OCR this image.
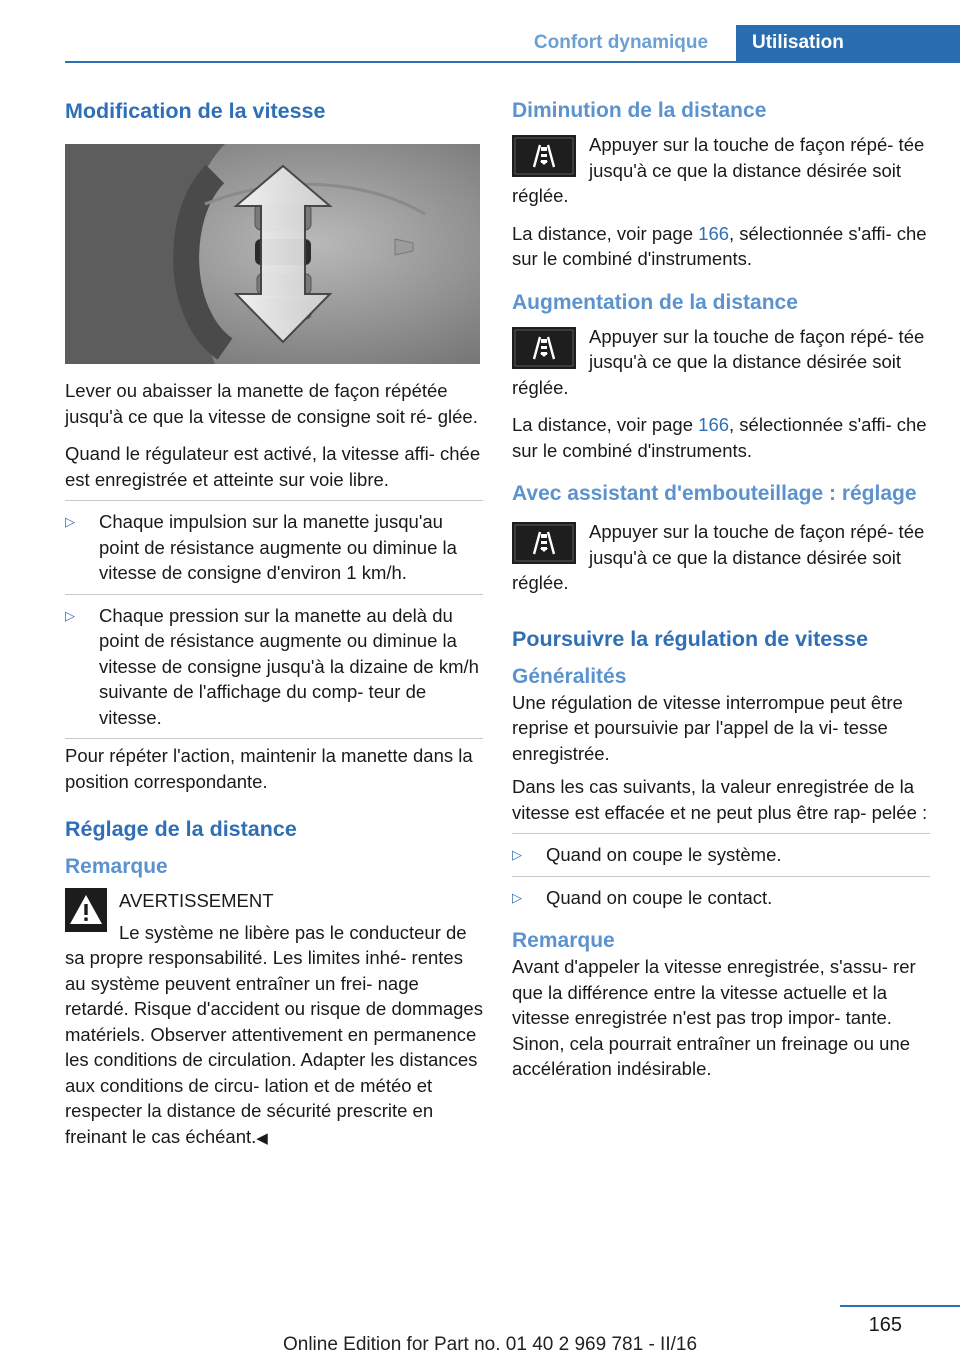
Confort dynamique	Utilisation
Modification de la vitesse

Lever ou abaisser la manette de façon répétée jusqu'à ce que la vitesse de consigne soit ré‐ glée.

Quand le régulateur est activé, la vitesse affi‐ chée est enregistrée et atteinte sur voie libre.

▷ Chaque impulsion sur la manette jusqu'au point de résistance augmente ou diminue la vitesse de consigne d'environ 1 km/h.
▷ Chaque pression sur la manette au delà du point de résistance augmente ou diminue la vitesse de consigne jusqu'à la dizaine de km/h suivante de l'affichage du comp‐ teur de vitesse.

Pour répéter l'action, maintenir la manette dans la position correspondante.

Réglage de la distance
Remarque

AVERTISSEMENT

Le système ne libère pas le conducteur de sa propre responsabilité. Les limites inhé‐ rentes au système peuvent entraîner un frei‐ nage retardé. Risque d'accident ou risque de dommages matériels. Observer attentivement en permanence les conditions de circulation. Adapter les distances aux conditions de circu‐ lation et de météo et respecter la distance de sécurité prescrite en freinant le cas échéant.◀

Diminution de la distance

Appuyer sur la touche de façon répé‐ tée jusqu'à ce que la distance désirée soit réglée.

La distance, voir page 166, sélectionnée s'affi‐ che sur le combiné d'instruments.

Augmentation de la distance

Appuyer sur la touche de façon répé‐ tée jusqu'à ce que la distance désirée soit réglée.

La distance, voir page 166, sélectionnée s'affi‐ che sur le combiné d'instruments.

Avec assistant d'embouteillage : réglage

Appuyer sur la touche de façon répé‐ tée jusqu'à ce que la distance désirée soit réglée.

Poursuivre la régulation de vitesse
Généralités

Une régulation de vitesse interrompue peut être reprise et poursuivie par l'appel de la vi‐ tesse enregistrée.

Dans les cas suivants, la valeur enregistrée de la vitesse est effacée et ne peut plus être rap‐ pelée :

▷ Quand on coupe le système.
▷ Quand on coupe le contact.
Remarque

Avant d'appeler la vitesse enregistrée, s'assu‐ rer que la différence entre la vitesse actuelle et la vitesse enregistrée n'est pas trop impor‐ tante. Sinon, cela pourrait entraîner un freinage ou une accélération indésirable.

165
Online Edition for Part no. 01 40 2 969 781 - II/16
